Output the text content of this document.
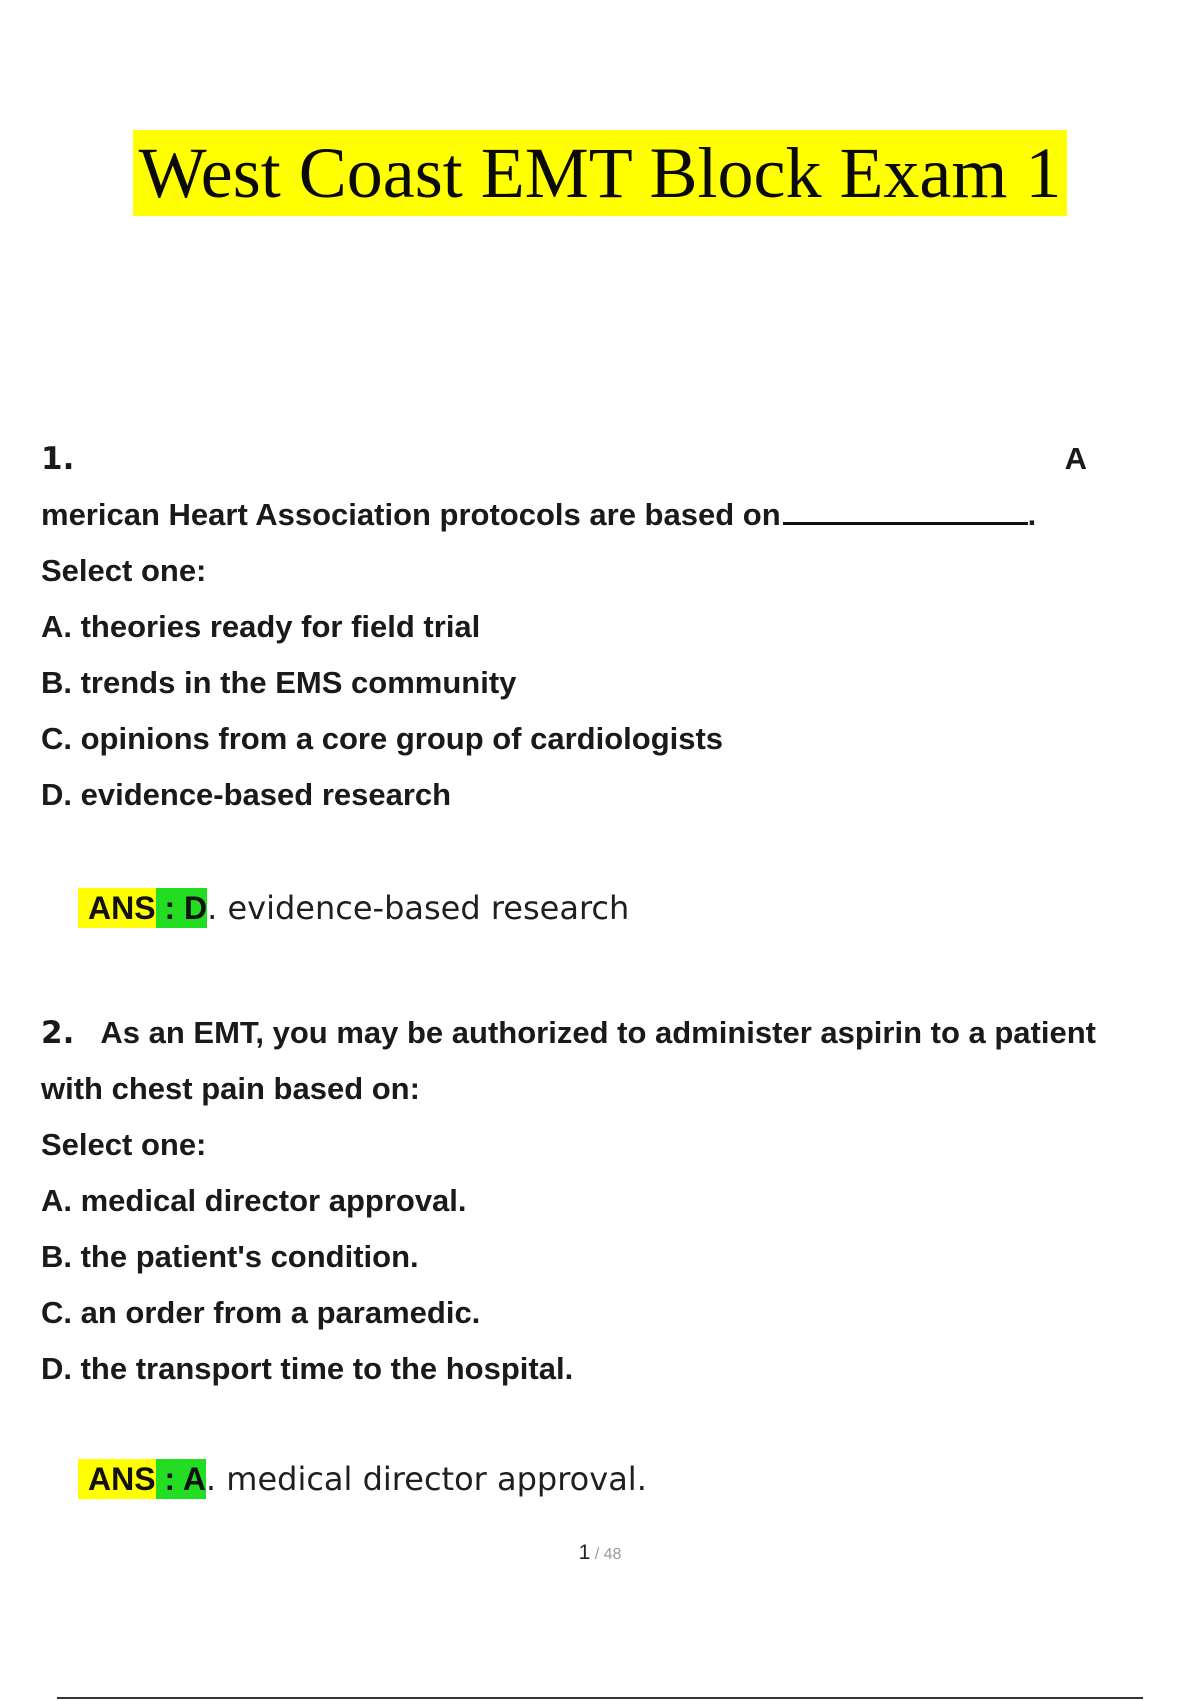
West Coast EMT Block Exam 1
1.	A
merican Heart Association protocols are based on	.
Select one:
A. theories ready for field trial
B. trends in the EMS community
C. opinions from a core group of cardiologists
D. evidence-based research
ANS : D. evidence-based research
2. As an EMT, you may be authorized to administer aspirin to a patient
with chest pain based on:
Select one:
A. medical director approval.
B. the patient's condition.
C. an order from a paramedic.
D. the transport time to the hospital.
ANS : A. medical director approval.
1 / 48
